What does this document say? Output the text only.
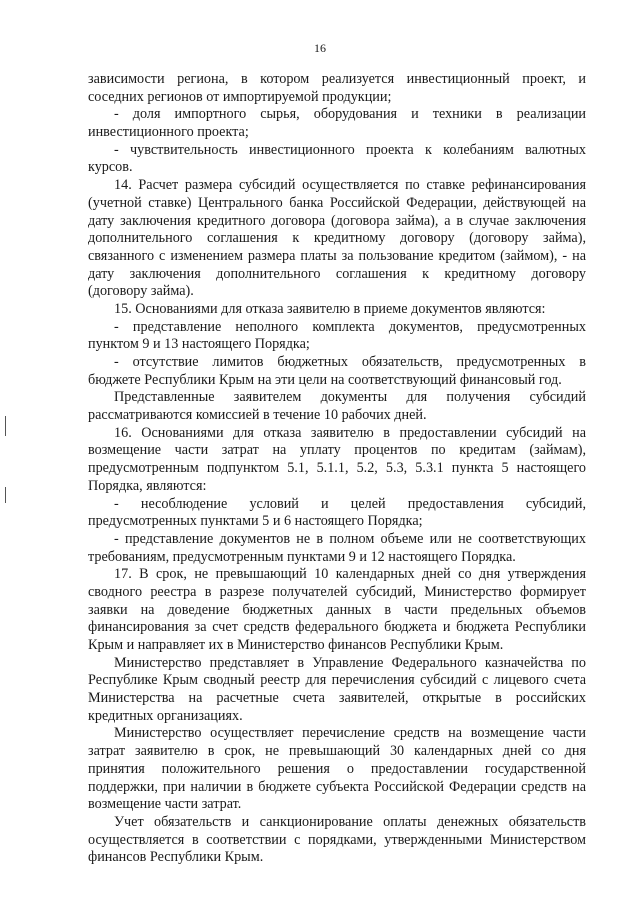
16
зависимости региона, в котором реализуется инвестиционный проект, и
соседних регионов от импортируемой продукции;
- доля импортного сырья, оборудования и техники в реализации
инвестиционного проекта;
- чувствительность инвестиционного проекта к колебаниям валютных
курсов.
14. Расчет размера субсидий осуществляется по ставке рефинансирования
(учетной ставке) Центрального банка Российской Федерации, действующей на
дату заключения кредитного договора (договора займа), а в случае заключения
дополнительного соглашения к кредитному договору (договору займа),
связанного с изменением размера платы за пользование кредитом (займом), - на
дату заключения дополнительного соглашения к кредитному договору
(договору займа).
15. Основаниями для отказа заявителю в приеме документов являются:
- представление неполного комплекта документов, предусмотренных
пунктом 9 и 13 настоящего Порядка;
- отсутствие лимитов бюджетных обязательств, предусмотренных в
бюджете Республики Крым на эти цели на соответствующий финансовый год.
Представленные заявителем документы для получения субсидий
рассматриваются комиссией в течение 10 рабочих дней.
16. Основаниями для отказа заявителю в предоставлении субсидий на
возмещение части затрат на уплату процентов по кредитам (займам),
предусмотренным подпунктом 5.1, 5.1.1, 5.2, 5.3, 5.3.1 пункта 5 настоящего
Порядка, являются:
- несоблюдение условий и целей предоставления субсидий,
предусмотренных пунктами 5 и 6 настоящего Порядка;
- представление документов не в полном объеме или не соответствующих
требованиям, предусмотренным пунктами 9 и 12 настоящего Порядка.
17. В срок, не превышающий 10 календарных дней со дня утверждения
сводного реестра в разрезе получателей субсидий, Министерство формирует
заявки на доведение бюджетных данных в части предельных объемов
финансирования за счет средств федерального бюджета и бюджета Республики
Крым и направляет их в Министерство финансов Республики Крым.
Министерство представляет в Управление Федерального казначейства по
Республике Крым сводный реестр для перечисления субсидий с лицевого счета
Министерства на расчетные счета заявителей, открытые в российских
кредитных организациях.
Министерство осуществляет перечисление средств на возмещение части
затрат заявителю в срок, не превышающий 30 календарных дней со дня
принятия положительного решения о предоставлении государственной
поддержки, при наличии в бюджете субъекта Российской Федерации средств на
возмещение части затрат.
Учет обязательств и санкционирование оплаты денежных обязательств
осуществляется в соответствии с порядками, утвержденными Министерством
финансов Республики Крым.
